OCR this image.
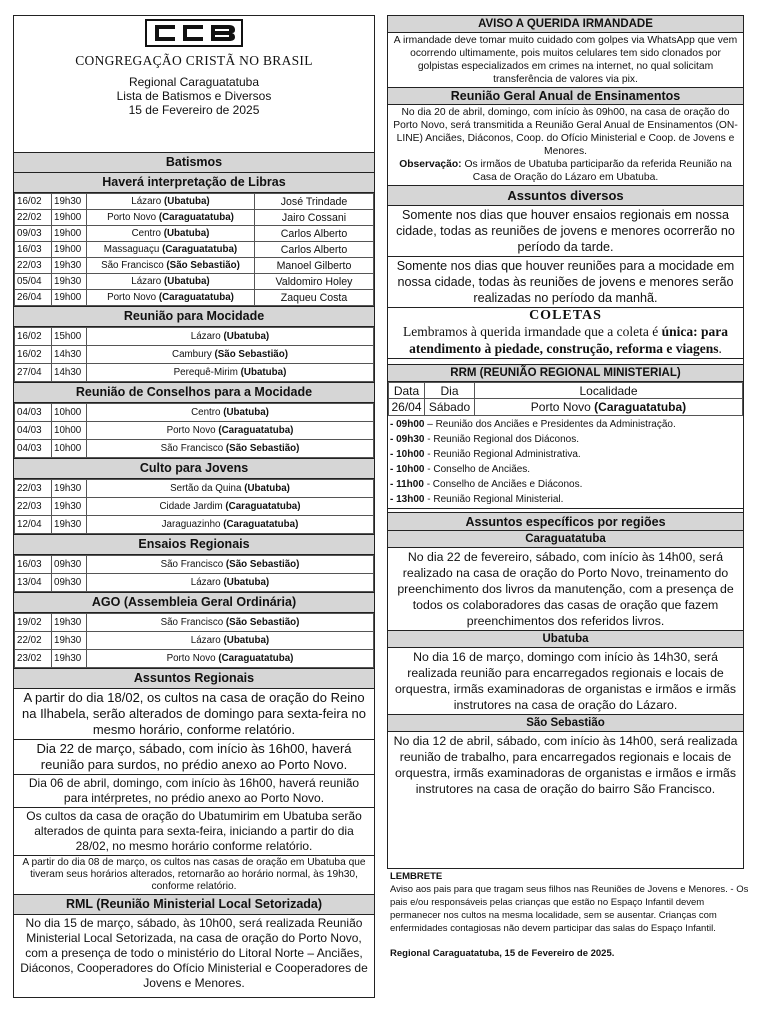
CONGREGAÇÃO CRISTÃ NO BRASIL
Regional Caraguatatuba
Lista de Batismos e Diversos
15 de Fevereiro de 2025
Batismos
Haverá interpretação de Libras
16/02	19h30	Lázaro (Ubatuba)	José Trindade
22/02	19h00	Porto Novo (Caraguatatuba)	Jairo Cossani
09/03	19h00	Centro (Ubatuba)	Carlos Alberto
16/03	19h00	Massaguaçu (Caraguatatuba)	Carlos Alberto
22/03	19h30	São Francisco (São Sebastião)	Manoel Gilberto
05/04	19h30	Lázaro (Ubatuba)	Valdomiro Holey
26/04	19h00	Porto Novo (Caraguatatuba)	Zaqueu Costa
Reunião para Mocidade
16/02	15h00	Lázaro (Ubatuba)
16/02	14h30	Cambury (São Sebastião)
27/04	14h30	Perequê-Mirim (Ubatuba)
Reunião de Conselhos para a Mocidade
04/03	10h00	Centro (Ubatuba)
04/03	10h00	Porto Novo (Caraguatatuba)
04/03	10h00	São Francisco (São Sebastião)
Culto para Jovens
22/03	19h30	Sertão da Quina (Ubatuba)
22/03	19h30	Cidade Jardim (Caraguatatuba)
12/04	19h30	Jaraguazinho (Caraguatatuba)
Ensaios Regionais
16/03	09h30	São Francisco (São Sebastião)
13/04	09h30	Lázaro (Ubatuba)
AGO (Assembleia Geral Ordinária)
19/02	19h30	São Francisco (São Sebastião)
22/02	19h30	Lázaro (Ubatuba)
23/02	19h30	Porto Novo (Caraguatatuba)
Assuntos Regionais
A partir do dia 18/02, os cultos na casa de oração do Reino na Ilhabela, serão alterados de domingo para sexta-feira no mesmo horário, conforme relatório.
Dia 22 de março, sábado, com início às 16h00, haverá reunião para surdos, no prédio anexo ao Porto Novo.
Dia 06 de abril, domingo, com início às 16h00, haverá reunião para intérpretes, no prédio anexo ao Porto Novo.
Os cultos da casa de oração do Ubatumirim em Ubatuba serão alterados de quinta para sexta-feira, iniciando a partir do dia 28/02, no mesmo horário conforme relatório.
A partir do dia 08 de março, os cultos nas casas de oração em Ubatuba que tiveram seus horários alterados, retornarão ao horário normal, às 19h30, conforme relatório.
RML (Reunião Ministerial Local Setorizada)
No dia 15 de março, sábado, às 10h00, será realizada Reunião Ministerial Local Setorizada, na casa de oração do Porto Novo, com a presença de todo o ministério do Litoral Norte – Anciães, Diáconos, Cooperadores do Ofício Ministerial e Cooperadores de Jovens e Menores.
AVISO A QUERIDA IRMANDADE
A irmandade deve tomar muito cuidado com golpes via WhatsApp que vem ocorrendo ultimamente, pois muitos celulares tem sido clonados por golpistas especializados em crimes na internet, no qual solicitam transferência de valores via pix.
Reunião Geral Anual de Ensinamentos
No dia 20 de abril, domingo, com início às 09h00, na casa de oração do Porto Novo, será transmitida a Reunião Geral Anual de Ensinamentos (ON-LINE) Anciães, Diáconos, Coop. do Ofício Ministerial e Coop. de Jovens e Menores.
Observação: Os irmãos de Ubatuba participarão da referida Reunião na Casa de Oração do Lázaro em Ubatuba.
Assuntos diversos
Somente nos dias que houver ensaios regionais em nossa cidade, todas as reuniões de jovens e menores ocorrerão no período da tarde.
Somente nos dias que houver reuniões para a mocidade em nossa cidade, todas às reuniões de jovens e menores serão realizadas no período da manhã.
COLETAS
Lembramos à querida irmandade que a coleta é única: para atendimento à piedade, construção, reforma e viagens.
RRM (REUNIÃO REGIONAL MINISTERIAL)
Data	Dia	Localidade
26/04	Sábado	Porto Novo (Caraguatatuba)
- 09h00 – Reunião dos Anciães e Presidentes da Administração.
- 09h30 - Reunião Regional dos Diáconos.
- 10h00 - Reunião Regional Administrativa.
- 10h00 - Conselho de Anciães.
- 11h00 - Conselho de Anciães e Diáconos.
- 13h00 - Reunião Regional Ministerial.
Assuntos específicos por regiões
Caraguatatuba
No dia 22 de fevereiro, sábado, com início às 14h00, será realizado na casa de oração do Porto Novo, treinamento do preenchimento dos livros da manutenção, com a presença de todos os colaboradores das casas de oração que fazem preenchimentos dos referidos livros.
Ubatuba
No dia 16 de março, domingo com início às 14h30, será realizada reunião para encarregados regionais e locais de orquestra, irmãs examinadoras de organistas e irmãos e irmãs instrutores na casa de oração do Lázaro.
São Sebastião
No dia 12 de abril, sábado, com início às 14h00, será realizada reunião de trabalho, para encarregados regionais e locais de orquestra, irmãs examinadoras de organistas e irmãos e irmãs instrutores na casa de oração do bairro São Francisco.

LEMBRETE

Aviso aos pais para que tragam seus filhos nas Reuniões de Jovens e Menores. - Os pais e/ou responsáveis pelas crianças que estão no Espaço Infantil devem permanecer nos cultos na mesma localidade, sem se ausentar. Crianças com enfermidades contagiosas não devem participar das salas do Espaço Infantil.

Regional Caraguatatuba, 15 de Fevereiro de 2025.
